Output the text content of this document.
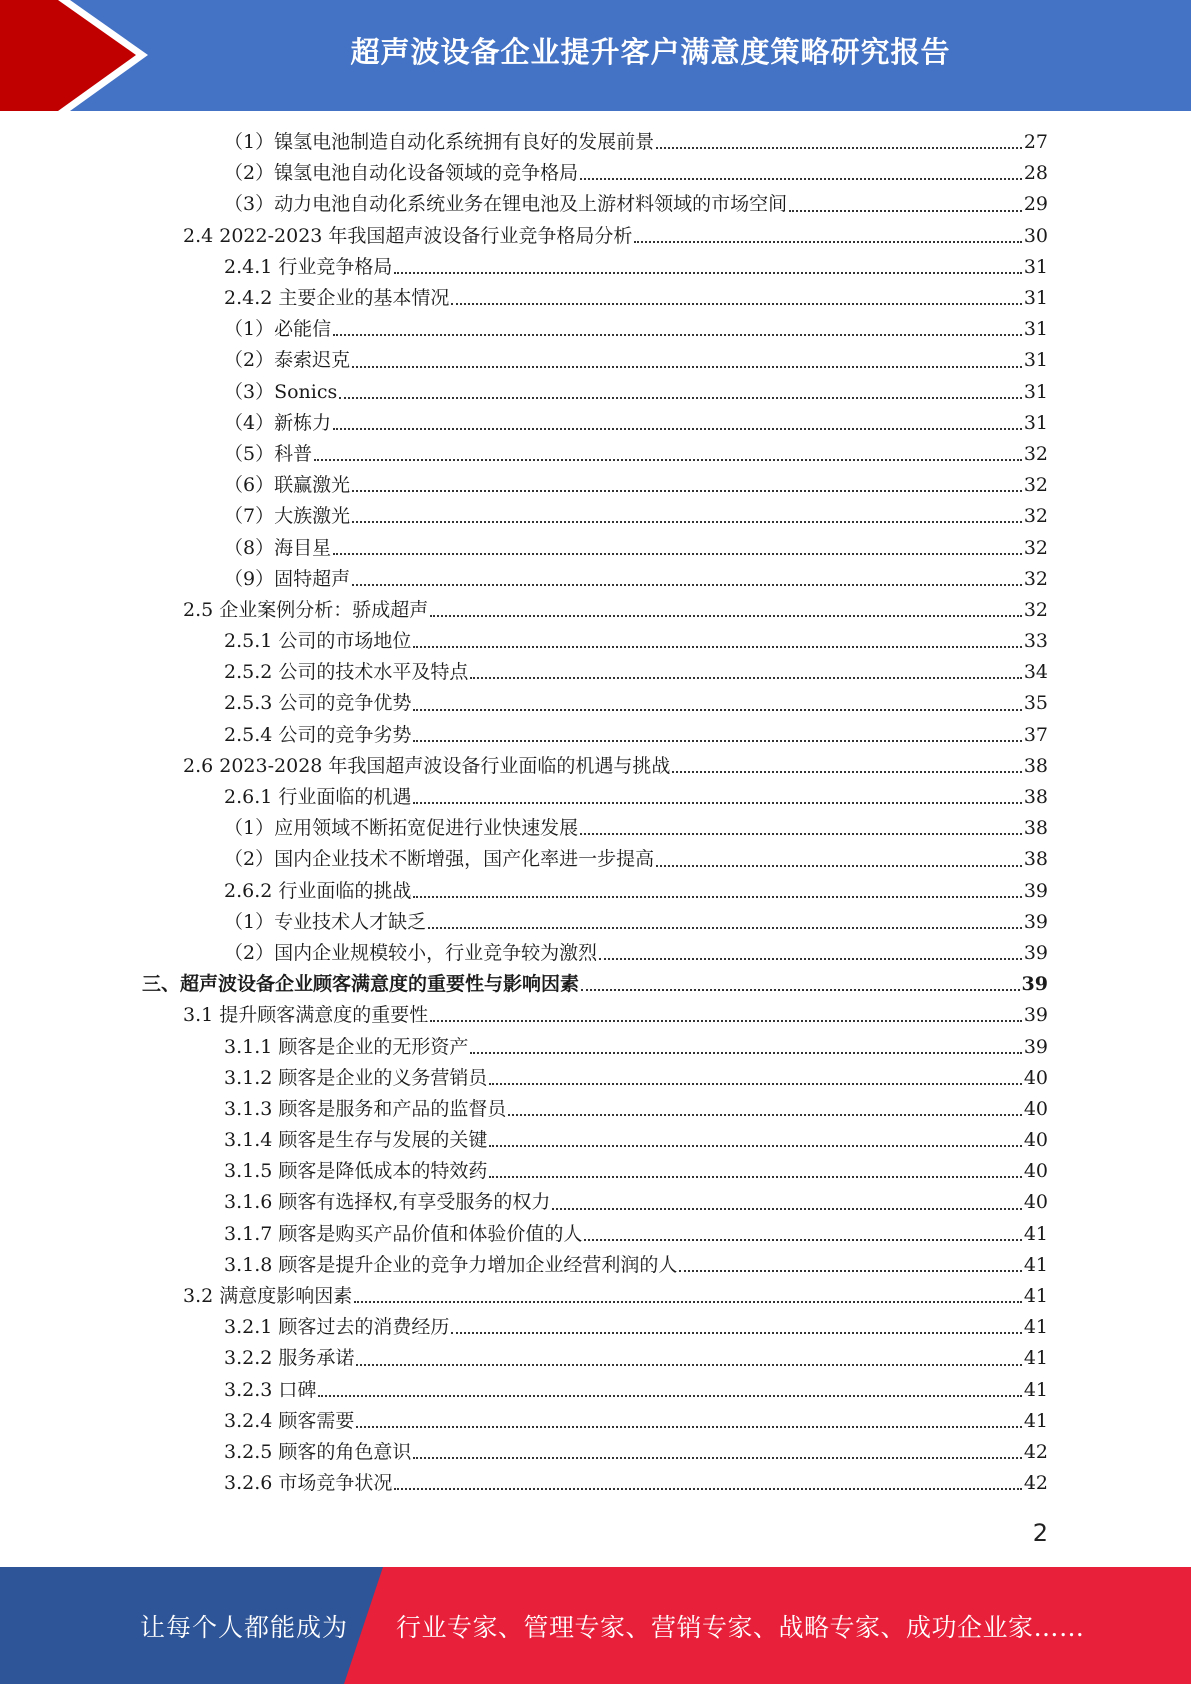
超声波设备企业提升客户满意度策略研究报告
（1）镍氢电池制造自动化系统拥有良好的发展前景	27
（2）镍氢电池自动化设备领域的竞争格局	28
（3）动力电池自动化系统业务在锂电池及上游材料领域的市场空间	29
2.4 2022-2023 年我国超声波设备行业竞争格局分析	30
2.4.1 行业竞争格局	31
2.4.2 主要企业的基本情况	31
（1）必能信	31
（2）泰索迟克	31
（3）Sonics	31
（4）新栋力	31
（5）科普	32
（6）联赢激光	32
（7）大族激光	32
（8）海目星	32
（9）固特超声	32
2.5 企业案例分析：骄成超声	32
2.5.1 公司的市场地位	33
2.5.2 公司的技术水平及特点	34
2.5.3 公司的竞争优势	35
2.5.4 公司的竞争劣势	37
2.6 2023-2028 年我国超声波设备行业面临的机遇与挑战	38
2.6.1 行业面临的机遇	38
（1）应用领域不断拓宽促进行业快速发展	38
（2）国内企业技术不断增强，国产化率进一步提高	38
2.6.2 行业面临的挑战	39
（1）专业技术人才缺乏	39
（2）国内企业规模较小，行业竞争较为激烈	39
三、超声波设备企业顾客满意度的重要性与影响因素	39
3.1 提升顾客满意度的重要性	39
3.1.1 顾客是企业的无形资产	39
3.1.2 顾客是企业的义务营销员	40
3.1.3 顾客是服务和产品的监督员	40
3.1.4 顾客是生存与发展的关键	40
3.1.5 顾客是降低成本的特效药	40
3.1.6 顾客有选择权,有享受服务的权力	40
3.1.7 顾客是购买产品价值和体验价值的人	41
3.1.8 顾客是提升企业的竞争力增加企业经营利润的人	41
3.2 满意度影响因素	41
3.2.1 顾客过去的消费经历	41
3.2.2 服务承诺	41
3.2.3 口碑	41
3.2.4 顾客需要	41
3.2.5 顾客的角色意识	42
3.2.6 市场竞争状况	42
2
让每个人都能成为 行业专家、管理专家、营销专家、战略专家、成功企业家……
